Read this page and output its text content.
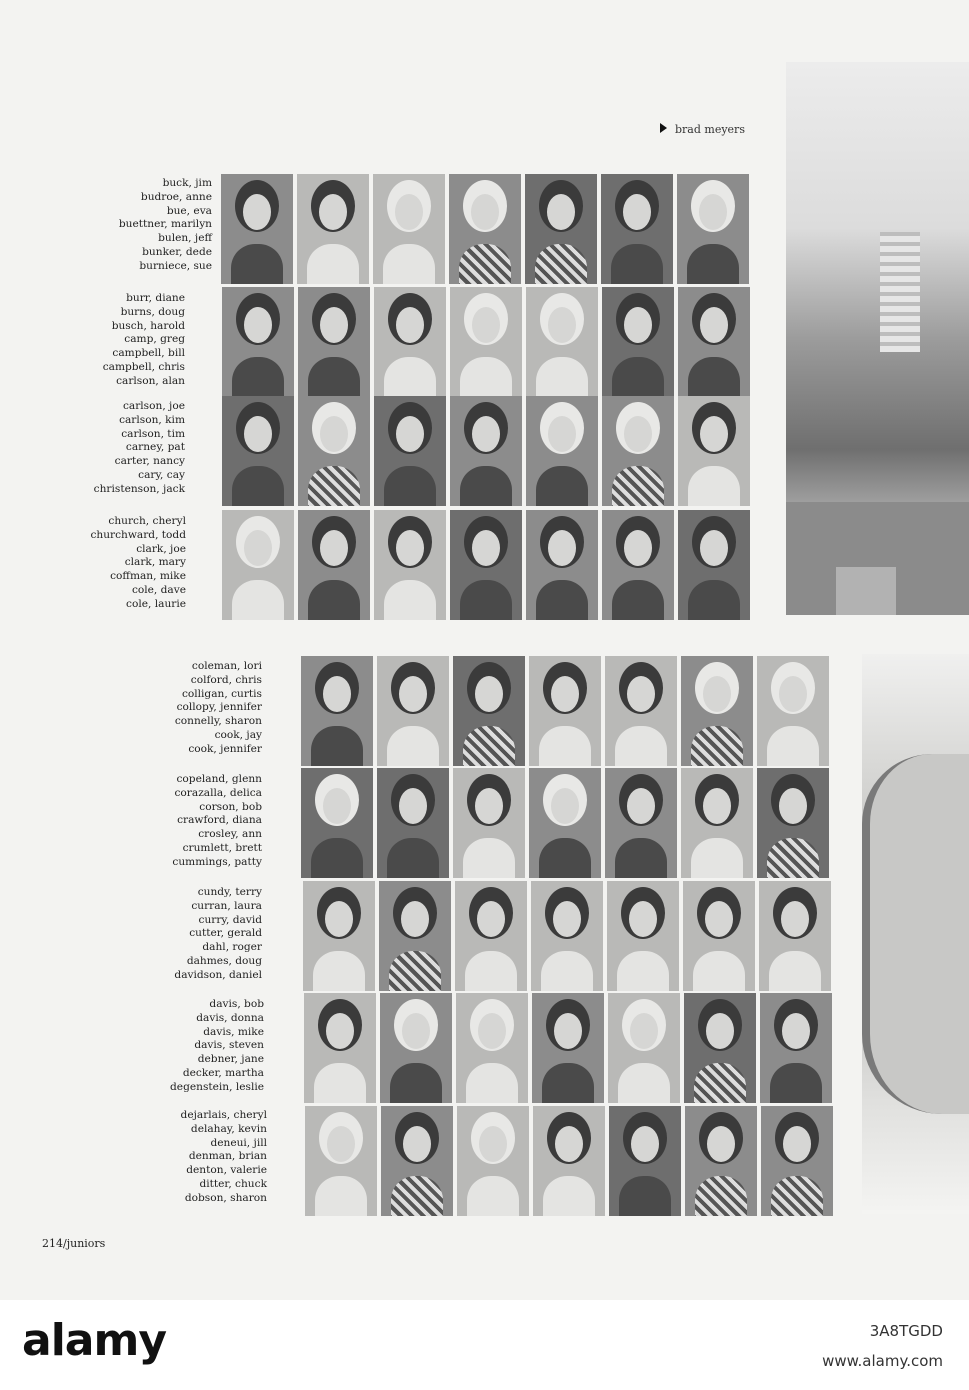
brad meyers
buck, jim
budroe, anne
bue, eva
buettner, marilyn
bulen, jeff
bunker, dede
burniece, sue
burr, diane
burns, doug
busch, harold
camp, greg
campbell, bill
campbell, chris
carlson, alan
carlson, joe
carlson, kim
carlson, tim
carney, pat
carter, nancy
cary, cay
christenson, jack
church, cheryl
churchward, todd
clark, joe
clark, mary
coffman, mike
cole, dave
cole, laurie
coleman, lori
colford, chris
colligan, curtis
collopy, jennifer
connelly, sharon
cook, jay
cook, jennifer
copeland, glenn
corazalla, delica
corson, bob
crawford, diana
crosley, ann
crumlett, brett
cummings, patty
cundy, terry
curran, laura
curry, david
cutter, gerald
dahl, roger
dahmes, doug
davidson, daniel
davis, bob
davis, donna
davis, mike
davis, steven
debner, jane
decker, martha
degenstein, leslie
dejarlais, cheryl
delahay, kevin
deneui, jill
denman, brian
denton, valerie
ditter, chuck
dobson, sharon
214/juniors
alamy	3A8TGDD
www.alamy.com
